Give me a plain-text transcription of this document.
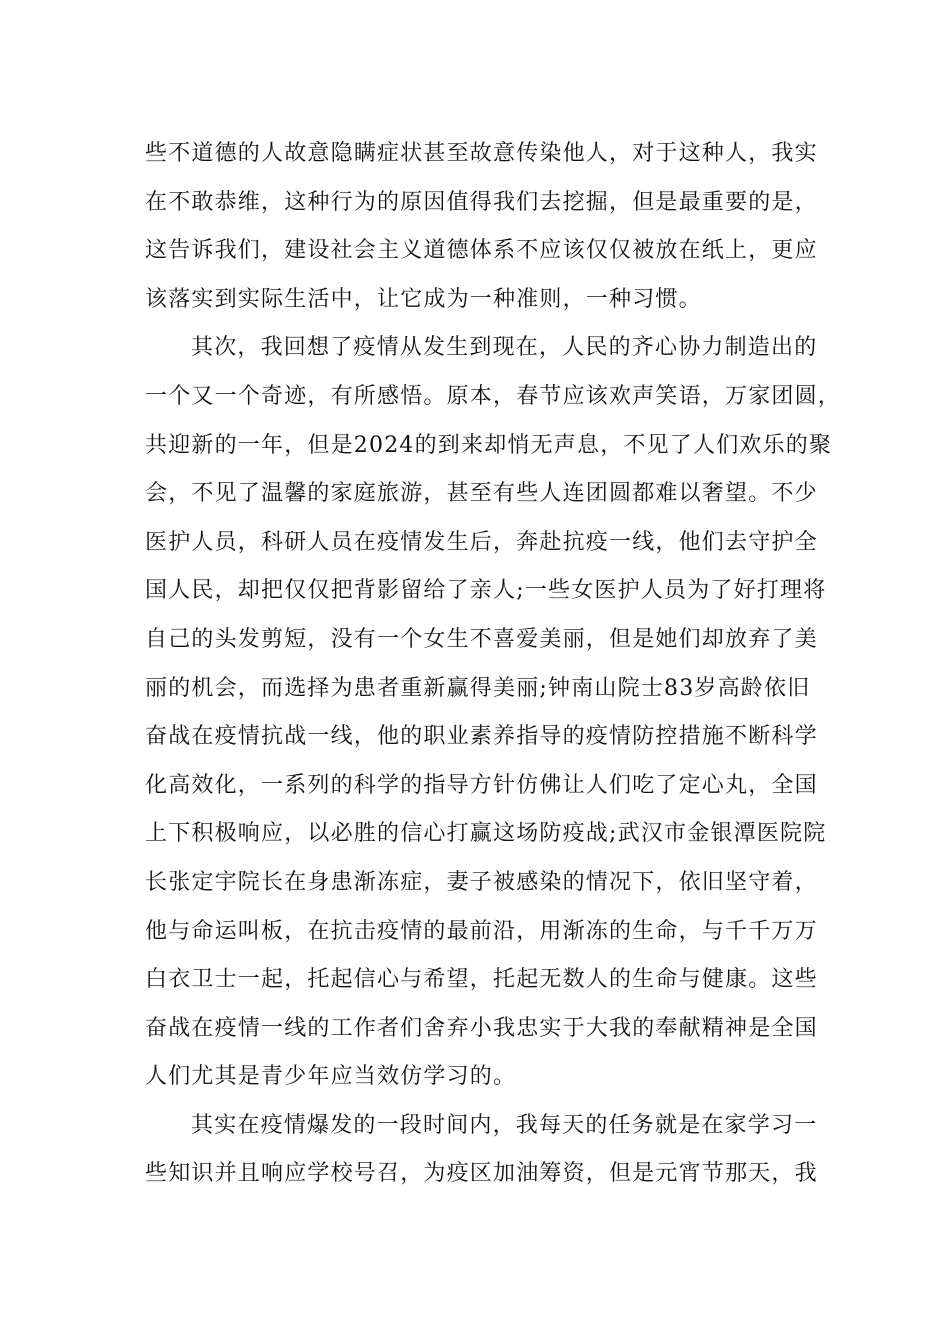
些不道德的人故意隐瞒症状甚至故意传染他人，对于这种人，我实
在不敢恭维，这种行为的原因值得我们去挖掘，但是最重要的是，
这告诉我们，建设社会主义道德体系不应该仅仅被放在纸上，更应
该落实到实际生活中，让它成为一种准则，一种习惯。
其次，我回想了疫情从发生到现在，人民的齐心协力制造出的
一个又一个奇迹，有所感悟。原本，春节应该欢声笑语，万家团圆，
共迎新的一年，但是2024的到来却悄无声息，不见了人们欢乐的聚
会，不见了温馨的家庭旅游，甚至有些人连团圆都难以奢望。不少
医护人员，科研人员在疫情发生后，奔赴抗疫一线，他们去守护全
国人民，却把仅仅把背影留给了亲人;一些女医护人员为了好打理将
自己的头发剪短，没有一个女生不喜爱美丽，但是她们却放弃了美
丽的机会，而选择为患者重新赢得美丽;钟南山院士83岁高龄依旧
奋战在疫情抗战一线，他的职业素养指导的疫情防控措施不断科学
化高效化，一系列的科学的指导方针仿佛让人们吃了定心丸，全国
上下积极响应，以必胜的信心打赢这场防疫战;武汉市金银潭医院院
长张定宇院长在身患渐冻症，妻子被感染的情况下，依旧坚守着，
他与命运叫板，在抗击疫情的最前沿，用渐冻的生命，与千千万万
白衣卫士一起，托起信心与希望，托起无数人的生命与健康。这些
奋战在疫情一线的工作者们舍弃小我忠实于大我的奉献精神是全国
人们尤其是青少年应当效仿学习的。
其实在疫情爆发的一段时间内，我每天的任务就是在家学习一
些知识并且响应学校号召，为疫区加油筹资，但是元宵节那天，我
